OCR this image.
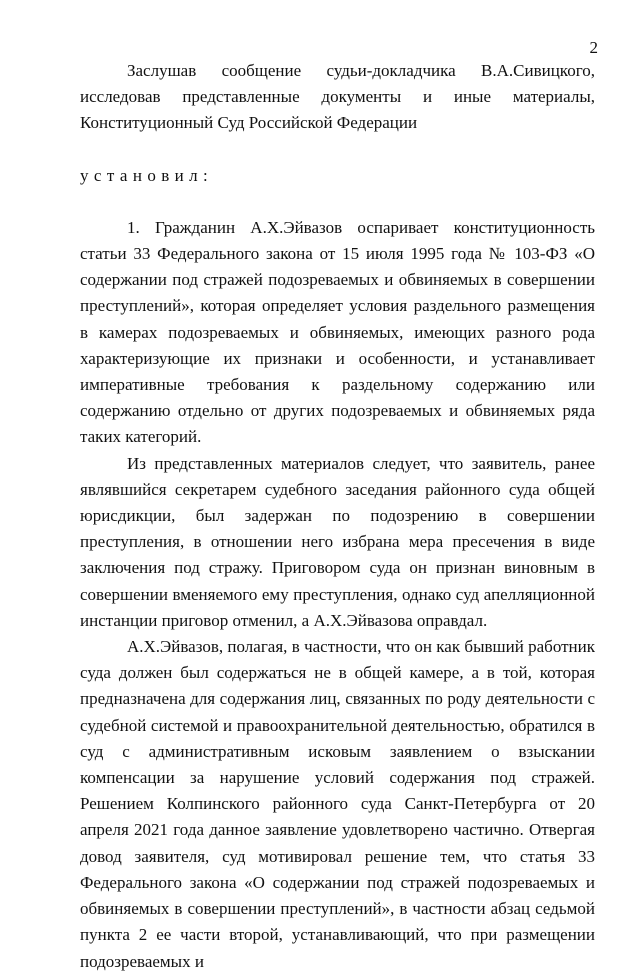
2

Заслушав сообщение судьи-докладчика В.А.Сивицкого, исследовав представленные документы и иные материалы, Конституционный Суд Российской Федерации

установил:

1. Гражданин А.Х.Эйвазов оспаривает конституционность статьи 33 Федерального закона от 15 июля 1995 года № 103-ФЗ «О содержании под стражей подозреваемых и обвиняемых в совершении преступлений», которая определяет условия раздельного размещения в камерах подозреваемых и обвиняемых, имеющих разного рода характеризующие их признаки и особенности, и устанавливает императивные требования к раздельному содержанию или содержанию отдельно от других подозреваемых и обвиняемых ряда таких категорий.

Из представленных материалов следует, что заявитель, ранее являвшийся секретарем судебного заседания районного суда общей юрисдикции, был задержан по подозрению в совершении преступления, в отношении него избрана мера пресечения в виде заключения под стражу. Приговором суда он признан виновным в совершении вменяемого ему преступления, однако суд апелляционной инстанции приговор отменил, а А.Х.Эйвазова оправдал.

А.Х.Эйвазов, полагая, в частности, что он как бывший работник суда должен был содержаться не в общей камере, а в той, которая предназначена для содержания лиц, связанных по роду деятельности с судебной системой и правоохранительной деятельностью, обратился в суд с административным исковым заявлением о взыскании компенсации за нарушение условий содержания под стражей. Решением Колпинского районного суда Санкт-Петербурга от 20 апреля 2021 года данное заявление удовлетворено частично. Отвергая довод заявителя, суд мотивировал решение тем, что статья 33 Федерального закона «О содержании под стражей подозреваемых и обвиняемых в совершении преступлений», в частности абзац седьмой пункта 2 ее части второй, устанавливающий, что при размещении подозреваемых и
